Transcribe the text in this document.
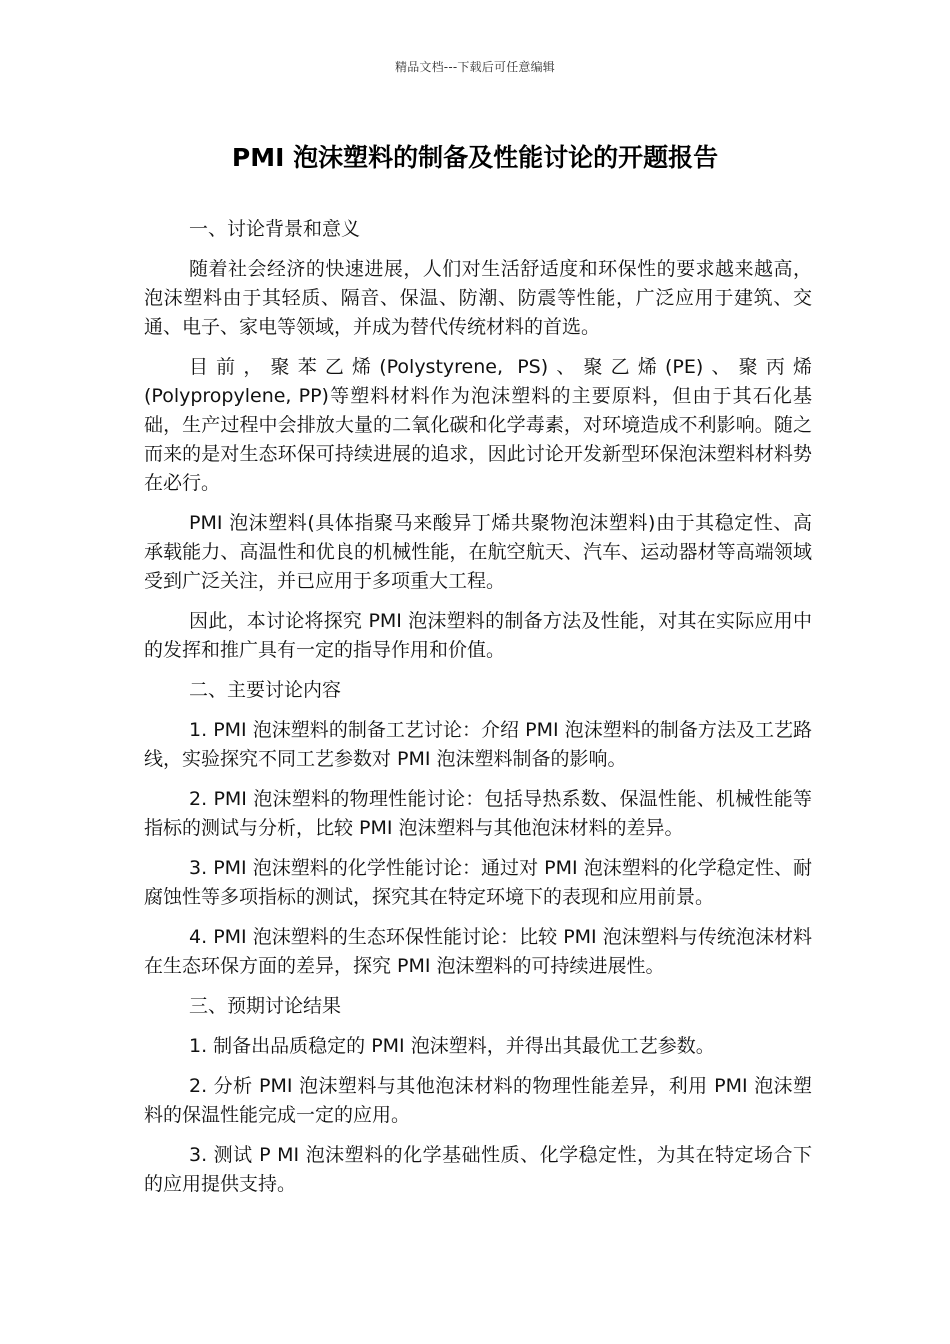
精品文档---下载后可任意编辑
PMI 泡沫塑料的制备及性能讨论的开题报告

一、讨论背景和意义

随着社会经济的快速进展，人们对生活舒适度和环保性的要求越来越高，泡沫塑料由于其轻质、隔音、保温、防潮、防震等性能，广泛应用于建筑、交通、电子、家电等领域，并成为替代传统材料的首选。

目前，聚苯乙烯(Polystyrene, PS)、聚乙烯(PE)、聚丙烯(Polypropylene, PP)等塑料材料作为泡沫塑料的主要原料，但由于其石化基础，生产过程中会排放大量的二氧化碳和化学毒素，对环境造成不利影响。随之而来的是对生态环保可持续进展的追求，因此讨论开发新型环保泡沫塑料材料势在必行。

PMI 泡沫塑料(具体指聚马来酸异丁烯共聚物泡沫塑料)由于其稳定性、高承载能力、高温性和优良的机械性能，在航空航天、汽车、运动器材等高端领域受到广泛关注，并已应用于多项重大工程。

因此，本讨论将探究 PMI 泡沫塑料的制备方法及性能，对其在实际应用中的发挥和推广具有一定的指导作用和价值。

二、主要讨论内容

1. PMI 泡沫塑料的制备工艺讨论：介绍 PMI 泡沫塑料的制备方法及工艺路线，实验探究不同工艺参数对 PMI 泡沫塑料制备的影响。

2. PMI 泡沫塑料的物理性能讨论：包括导热系数、保温性能、机械性能等指标的测试与分析，比较 PMI 泡沫塑料与其他泡沫材料的差异。

3. PMI 泡沫塑料的化学性能讨论：通过对 PMI 泡沫塑料的化学稳定性、耐腐蚀性等多项指标的测试，探究其在特定环境下的表现和应用前景。

4. PMI 泡沫塑料的生态环保性能讨论：比较 PMI 泡沫塑料与传统泡沫材料在生态环保方面的差异，探究 PMI 泡沫塑料的可持续进展性。

三、预期讨论结果

1. 制备出品质稳定的 PMI 泡沫塑料，并得出其最优工艺参数。

2. 分析 PMI 泡沫塑料与其他泡沫材料的物理性能差异，利用 PMI 泡沫塑料的保温性能完成一定的应用。

3. 测试 P MI 泡沫塑料的化学基础性质、化学稳定性，为其在特定场合下的应用提供支持。
